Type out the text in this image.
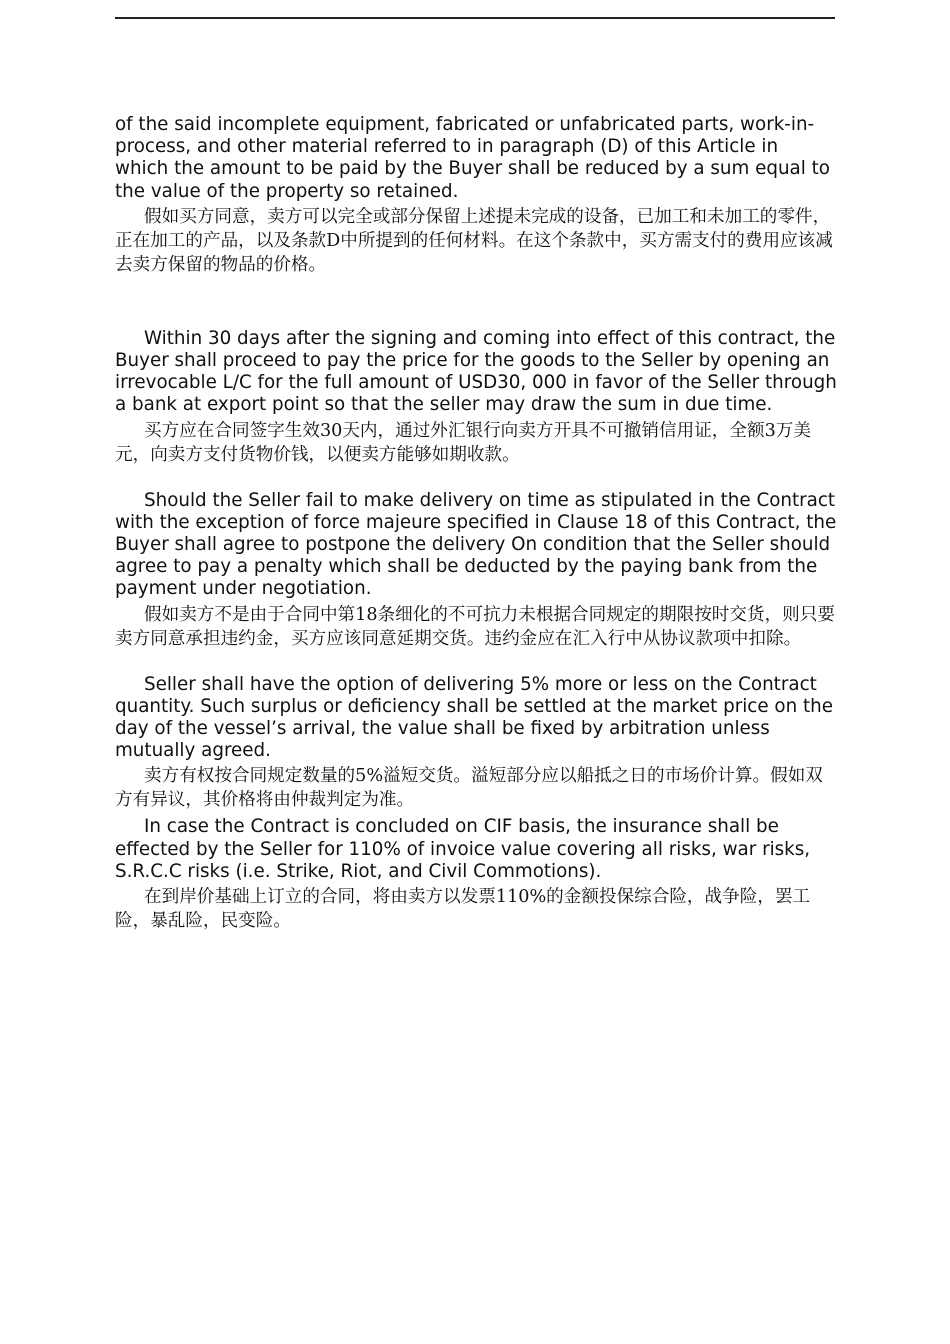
of the said incomplete equipment, fabricated or unfabricated parts, work-in-process, and other material referred to in paragraph (D) of this Article in which the amount to be paid by the Buyer shall be reduced by a sum equal to the value of the property so retained.

假如买方同意，卖方可以完全或部分保留上述提未完成的设备，已加工和未加工的零件，正在加工的产品，以及条款D中所提到的任何材料。在这个条款中，买方需支付的费用应该减去卖方保留的物品的价格。

Within 30 days after the signing and coming into effect of this contract, the Buyer shall proceed to pay the price for the goods to the Seller by opening an irrevocable L/C for the full amount of USD30, 000 in favor of the Seller through a bank at export point so that the seller may draw the sum in due time.

买方应在合同签字生效30天内，通过外汇银行向卖方开具不可撤销信用证，全额3万美元，向卖方支付货物价钱，以便卖方能够如期收款。

Should the Seller fail to make delivery on time as stipulated in the Contract with the exception of force majeure specified in Clause 18 of this Contract, the Buyer shall agree to postpone the delivery On condition that the Seller should agree to pay a penalty which shall be deducted by the paying bank from the payment under negotiation.

假如卖方不是由于合同中第18条细化的不可抗力未根据合同规定的期限按时交货，则只要卖方同意承担违约金，买方应该同意延期交货。违约金应在汇入行中从协议款项中扣除。

Seller shall have the option of delivering 5% more or less on the Contract quantity. Such surplus or deficiency shall be settled at the market price on the day of the vessel’s arrival, the value shall be fixed by arbitration unless mutually agreed.

卖方有权按合同规定数量的5%溢短交货。溢短部分应以船抵之日的市场价计算。假如双方有异议，其价格将由仲裁判定为准。

In case the Contract is concluded on CIF basis, the insurance shall be effected by the Seller for 110% of invoice value covering all risks, war risks, S.R.C.C risks (i.e. Strike, Riot, and Civil Commotions).

在到岸价基础上订立的合同，将由卖方以发票110%的金额投保综合险，战争险，罢工险，暴乱险，民变险。
